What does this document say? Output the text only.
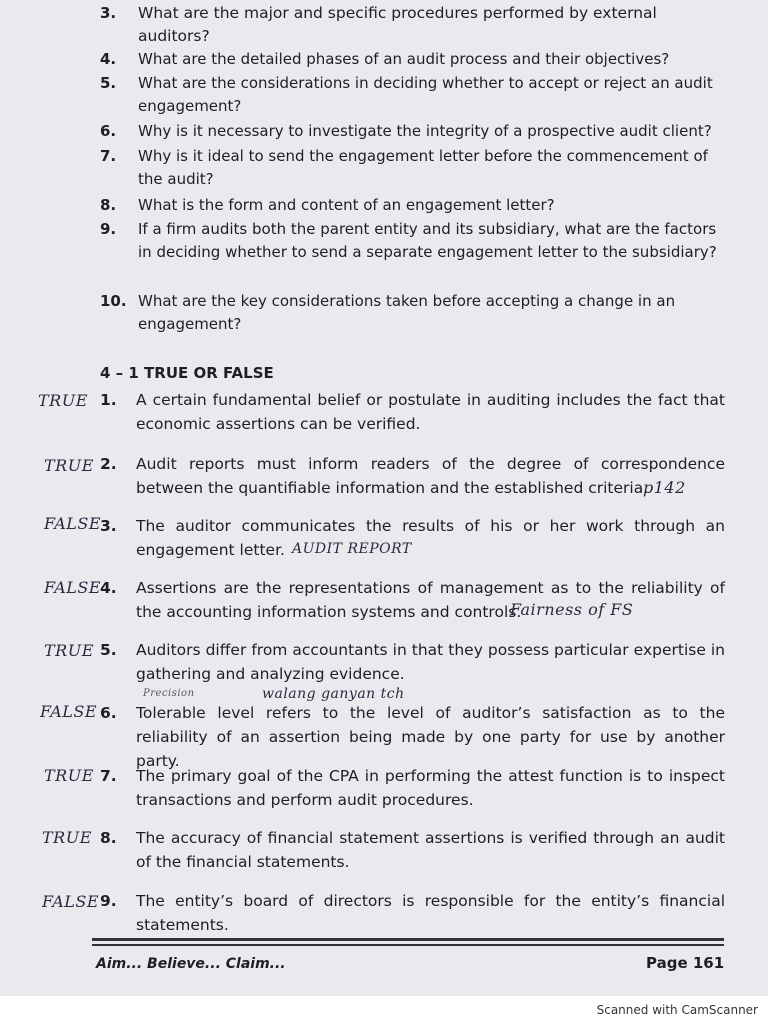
3.	What are the major and specific procedures performed by external auditors?
4.	What are the detailed phases of an audit process and their objectives?
5.	What are the considerations in deciding whether to accept or reject an audit engagement?
6.	Why is it necessary to investigate the integrity of a prospective audit client?
7.	Why is it ideal to send the engagement letter before the commencement of the audit?
8.	What is the form and content of an engagement letter?
9.	If a firm audits both the parent entity and its subsidiary, what are the factors in deciding whether to send a separate engagement letter to the subsidiary?
10. What are the key considerations taken before accepting a change in an engagement?
4 – 1 TRUE OR FALSE
TRUE 1.	A certain fundamental belief or postulate in auditing includes the fact that economic assertions can be verified.
TRUE 2.	Audit reports must inform readers of the degree of correspondence between the quantifiable information and the established criteria.
p142
FALSE
3.	The auditor communicates the results of his or her work through an engagement letter. AUDIT REPORT
FALSE
4.	Assertions are the representations of management as to the reliability of the accounting information systems and controls.
Fairness of FS
TRUE 5.	Auditors differ from accountants in that they possess particular expertise in gathering and analyzing evidence.
Precision	walang ganyan tch
FALSE 6.	Tolerable level refers to the level of auditor’s satisfaction as to the reliability of an assertion being made by one party for use by another party.
TRUE 7.	The primary goal of the CPA in performing the attest function is to inspect transactions and perform audit procedures.
TRUE 8.	The accuracy of financial statement assertions is verified through an audit of the financial statements.
FALSE 9.	The entity’s board of directors is responsible for the entity’s financial statements.
Aim... Believe... Claim...	Page 161
Scanned with CamScanner
